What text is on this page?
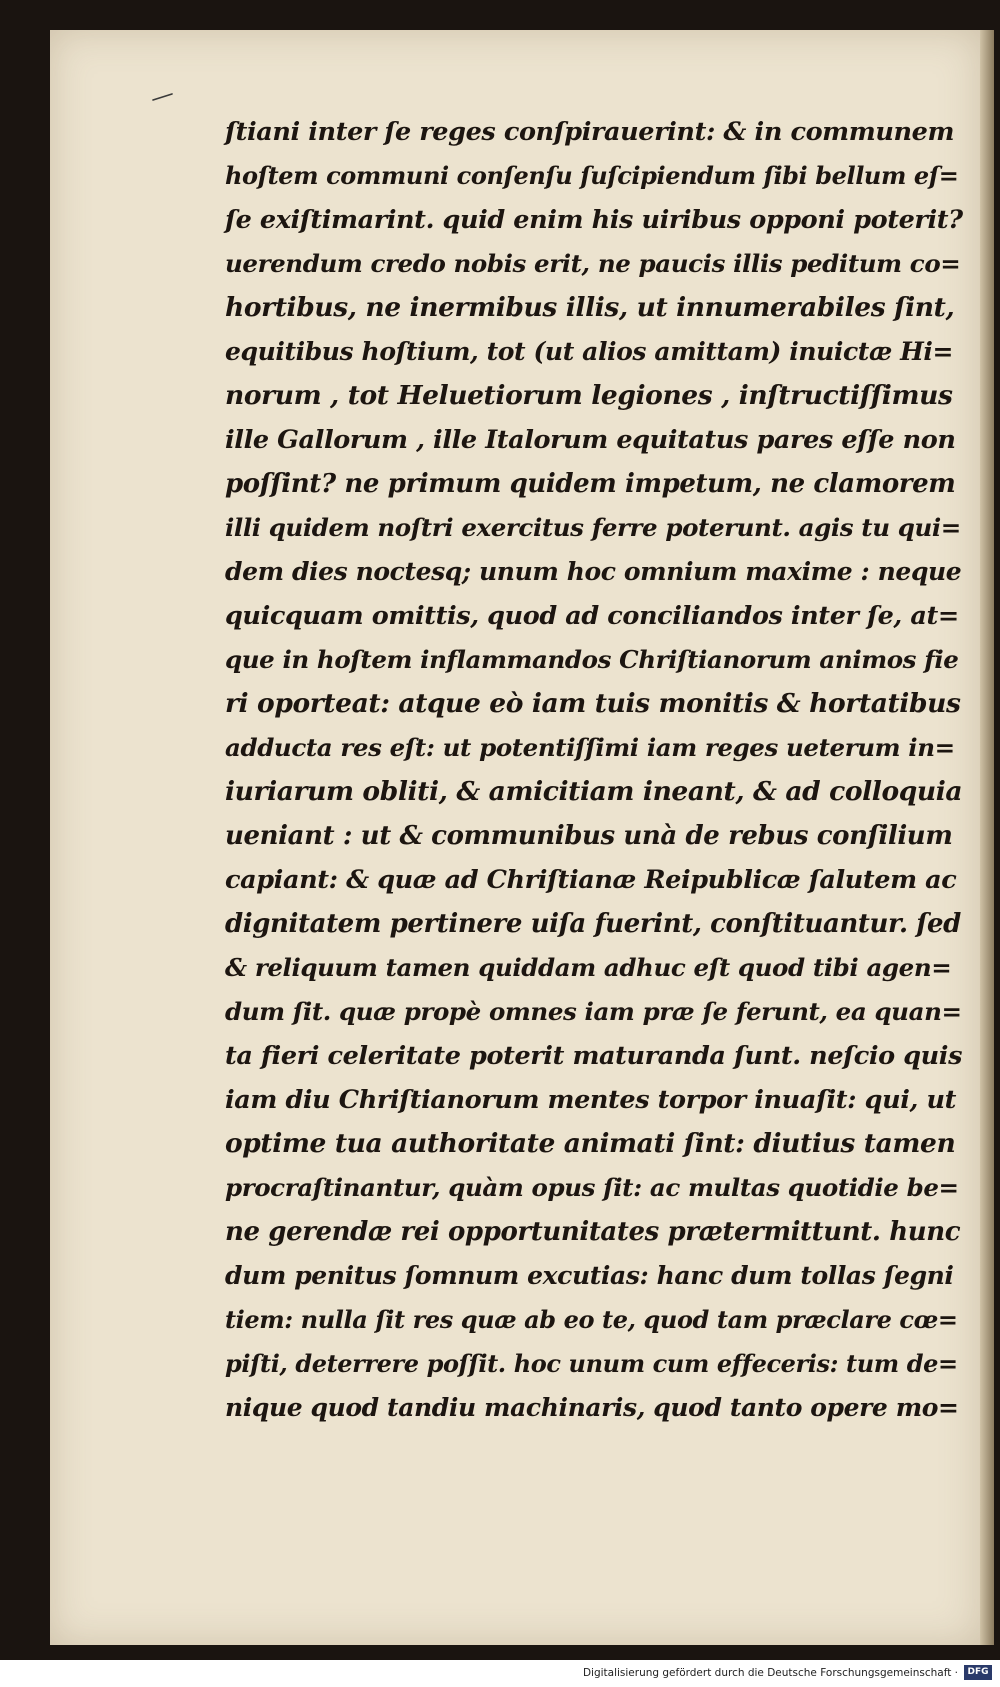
ſtiani inter ſe reges conſpirauerint: & in communem
hoſtem communi conſenſu ſuſcipiendum ſibi bellum eſ=
ſe exiſtimarint. quid enim his uiribus opponi poterit?
uerendum credo nobis erit, ne paucis illis peditum co=
hortibus, ne inermibus illis, ut innumerabiles ſint,
equitibus hoſtium, tot (ut alios amittam) inuictæ Hi=
norum , tot Heluetiorum legiones , inſtructiſſimus
ille Gallorum , ille Italorum equitatus pares eſſe non
poſſint? ne primum quidem impetum, ne clamorem
illi quidem noſtri exercitus ferre poterunt. agis tu qui=
dem dies noctesq; unum hoc omnium maxime : neque
quicquam omittis, quod ad conciliandos inter ſe, at=
que in hoſtem inflammandos Chriſtianorum animos fie
ri oporteat: atque eò iam tuis monitis & hortatibus
adducta res eſt: ut potentiſſimi iam reges ueterum in=
iuriarum obliti, & amicitiam ineant, & ad colloquia
ueniant : ut & communibus unà de rebus conſilium
capiant: & quæ ad Chriſtianæ Reipublicæ ſalutem ac
dignitatem pertinere uiſa fuerint, conſtituantur. ſed
& reliquum tamen quiddam adhuc eſt quod tibi agen=
dum ſit. quæ propè omnes iam præ ſe ferunt, ea quan=
ta fieri celeritate poterit maturanda ſunt. neſcio quis
iam diu Chriſtianorum mentes torpor inuaſit: qui, ut
optime tua authoritate animati ſint: diutius tamen
procraſtinantur, quàm opus ſit: ac multas quotidie be=
ne gerendæ rei opportunitates prætermittunt. hunc
dum penitus ſomnum excutias: hanc dum tollas ſegni
tiem: nulla ſit res quæ ab eo te, quod tam præclare cœ=
piſti, deterrere poſſit. hoc unum cum effeceris: tum de=
nique quod tandiu machinaris, quod tanto opere mo=
Digitalisierung gefördert durch die Deutsche Forschungsgemeinschaft ·	DFG
